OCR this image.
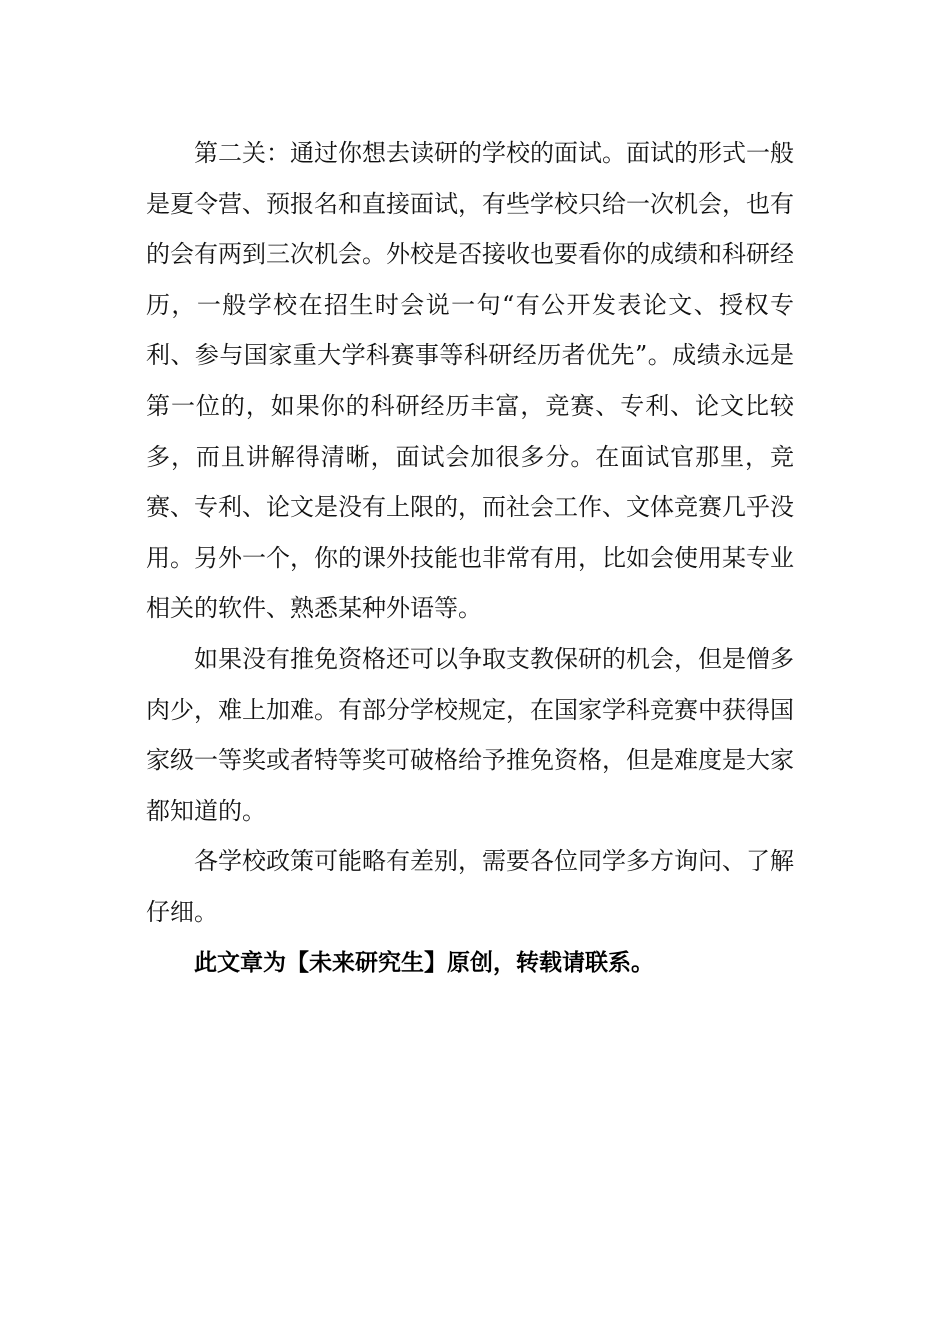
第二关：通过你想去读研的学校的面试。面试的形式一般是夏令营、预报名和直接面试，有些学校只给一次机会，也有的会有两到三次机会。外校是否接收也要看你的成绩和科研经历，一般学校在招生时会说一句“有公开发表论文、授权专利、参与国家重大学科赛事等科研经历者优先”。成绩永远是第一位的，如果你的科研经历丰富，竞赛、专利、论文比较多，而且讲解得清晰，面试会加很多分。在面试官那里，竞赛、专利、论文是没有上限的，而社会工作、文体竞赛几乎没用。另外一个，你的课外技能也非常有用，比如会使用某专业相关的软件、熟悉某种外语等。

如果没有推免资格还可以争取支教保研的机会，但是僧多肉少，难上加难。有部分学校规定，在国家学科竞赛中获得国家级一等奖或者特等奖可破格给予推免资格，但是难度是大家都知道的。

各学校政策可能略有差别，需要各位同学多方询问、了解仔细。

此文章为【未来研究生】原创，转载请联系。
